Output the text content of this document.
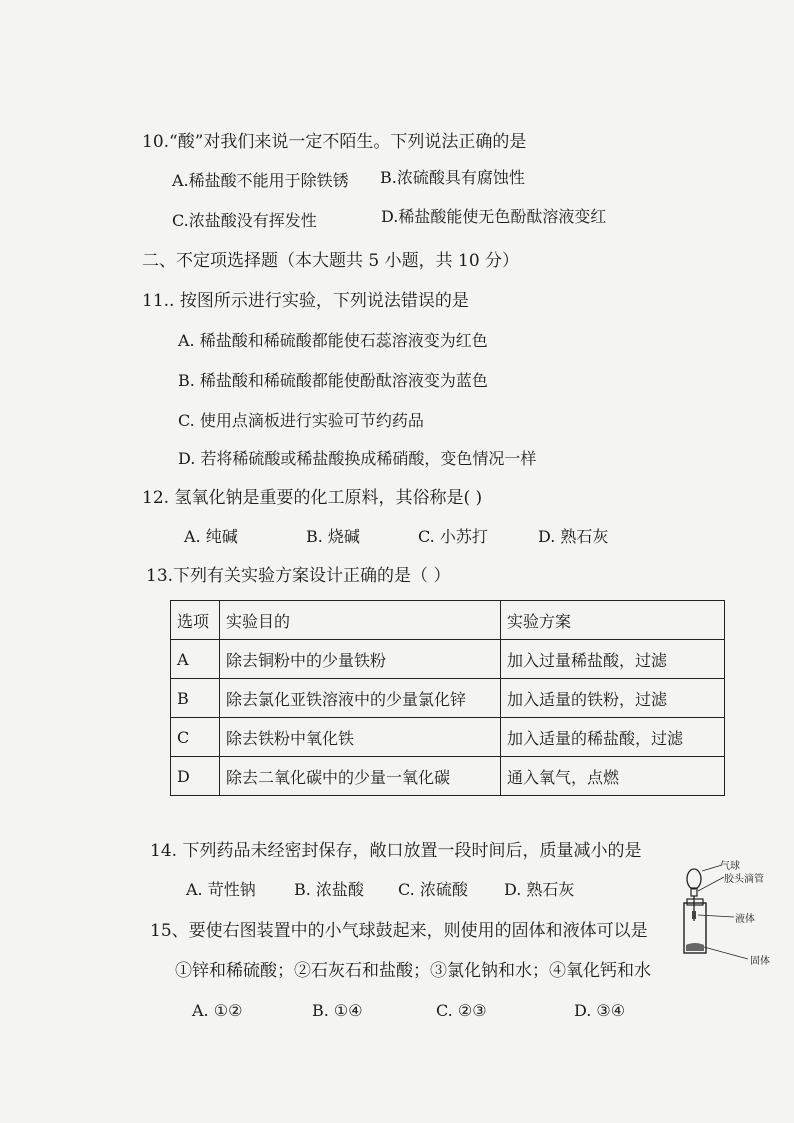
10.“酸”对我们来说一定不陌生。下列说法正确的是
A.稀盐酸不能用于除铁锈 B.浓硫酸具有腐蚀性
C.浓盐酸没有挥发性	D.稀盐酸能使无色酚酞溶液变红
二、不定项选择题（本大题共 5 小题，共 10 分）
11.. 按图所示进行实验，下列说法错误的是
A. 稀盐酸和稀硫酸都能使石蕊溶液变为红色
B. 稀盐酸和稀硫酸都能使酚酞溶液变为蓝色
C. 使用点滴板进行实验可节约药品
D. 若将稀硫酸或稀盐酸换成稀硝酸，变色情况一样
12. 氢氧化钠是重要的化工原料，其俗称是( )
A. 纯碱	B. 烧碱	C. 小苏打	D. 熟石灰
13.下列有关实验方案设计正确的是（ ）
选项	实验目的	实验方案
A	除去铜粉中的少量铁粉	加入过量稀盐酸，过滤
B	除去氯化亚铁溶液中的少量氯化锌	加入适量的铁粉，过滤
C	除去铁粉中氧化铁	加入适量的稀盐酸，过滤
D	除去二氧化碳中的少量一氧化碳	通入氧气，点燃
14. 下列药品未经密封保存，敞口放置一段时间后，质量减小的是
A. 苛性钠 B. 浓盐酸 C. 浓硫酸 D. 熟石灰
15、要使右图装置中的小气球鼓起来，则使用的固体和液体可以是
①锌和稀硫酸；②石灰石和盐酸；③氯化钠和水；④氧化钙和水
A. ①②	B. ①④	C. ②③	D. ③④
气球
胶头滴管
液体
固体
